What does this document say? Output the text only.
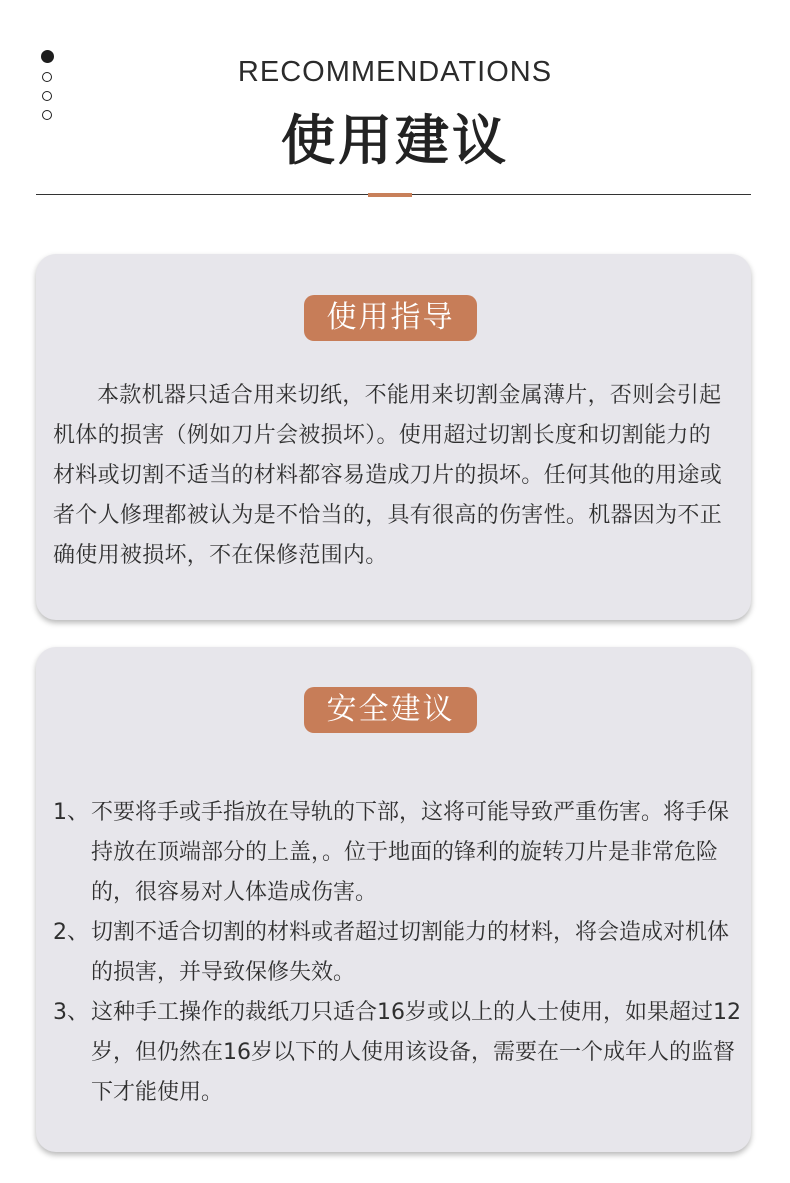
RECOMMENDATIONS
使用建议
使用指导
本款机器只适合用来切纸，不能用来切割金属薄片，否则会引起机体的损害（例如刀片会被损坏）。使用超过切割长度和切割能力的材料或切割不适当的材料都容易造成刀片的损坏。任何其他的用途或者个人修理都被认为是不恰当的，具有很高的伤害性。机器因为不正确使用被损坏，不在保修范围内。
安全建议
1、 不要将手或手指放在导轨的下部，这将可能导致严重伤害。将手保持放在顶端部分的上盖，。位于地面的锋利的旋转刀片是非常危险的，很容易对人体造成伤害。
2、 切割不适合切割的材料或者超过切割能力的材料，将会造成对机体的损害，并导致保修失效。
3、 这种手工操作的裁纸刀只适合16岁或以上的人士使用，如果超过12岁，但仍然在16岁以下的人使用该设备，需要在一个成年人的监督下才能使用。
